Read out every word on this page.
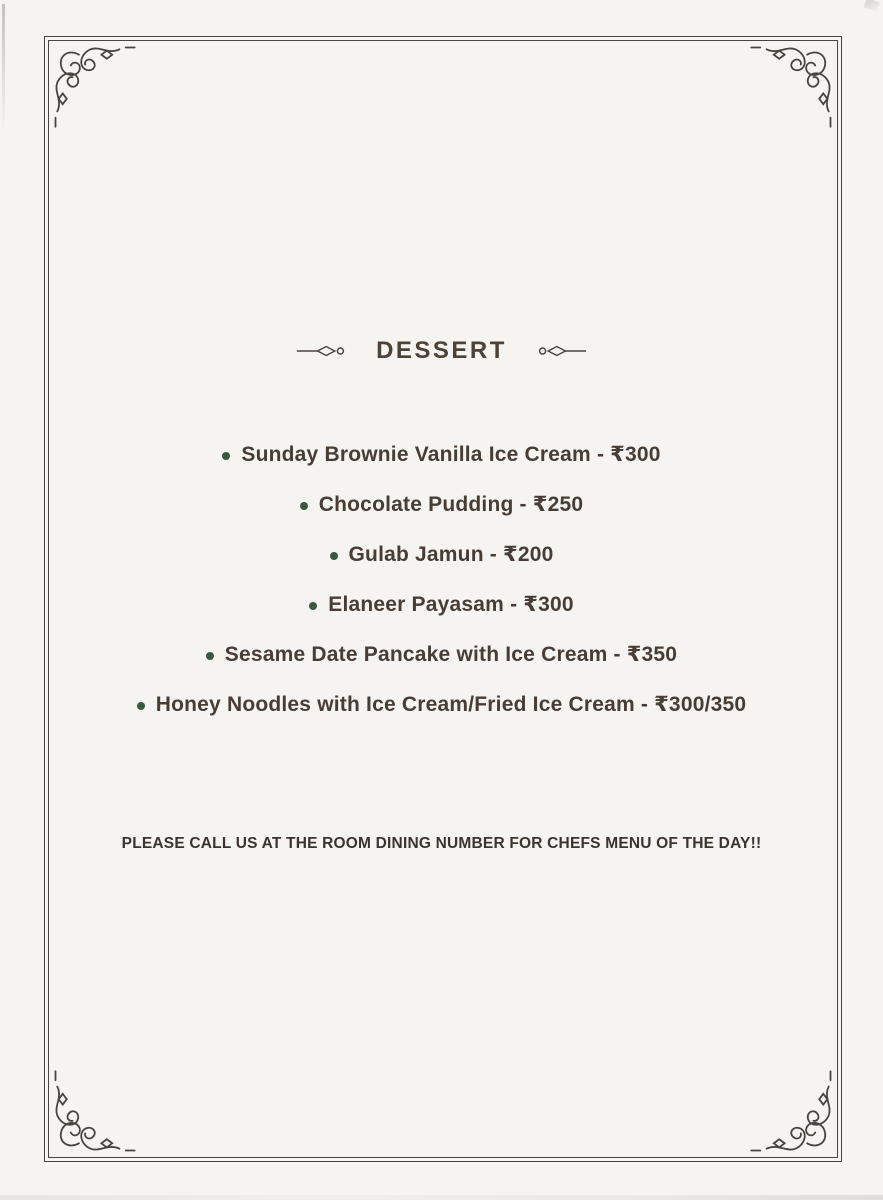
DESSERT
Sunday Brownie Vanilla Ice Cream - ₹300
Chocolate Pudding - ₹250
Gulab Jamun - ₹200
Elaneer Payasam - ₹300
Sesame Date Pancake with Ice Cream - ₹350
Honey Noodles with Ice Cream/Fried Ice Cream - ₹300/350
PLEASE CALL US AT THE ROOM DINING NUMBER FOR CHEFS MENU OF THE DAY!!
